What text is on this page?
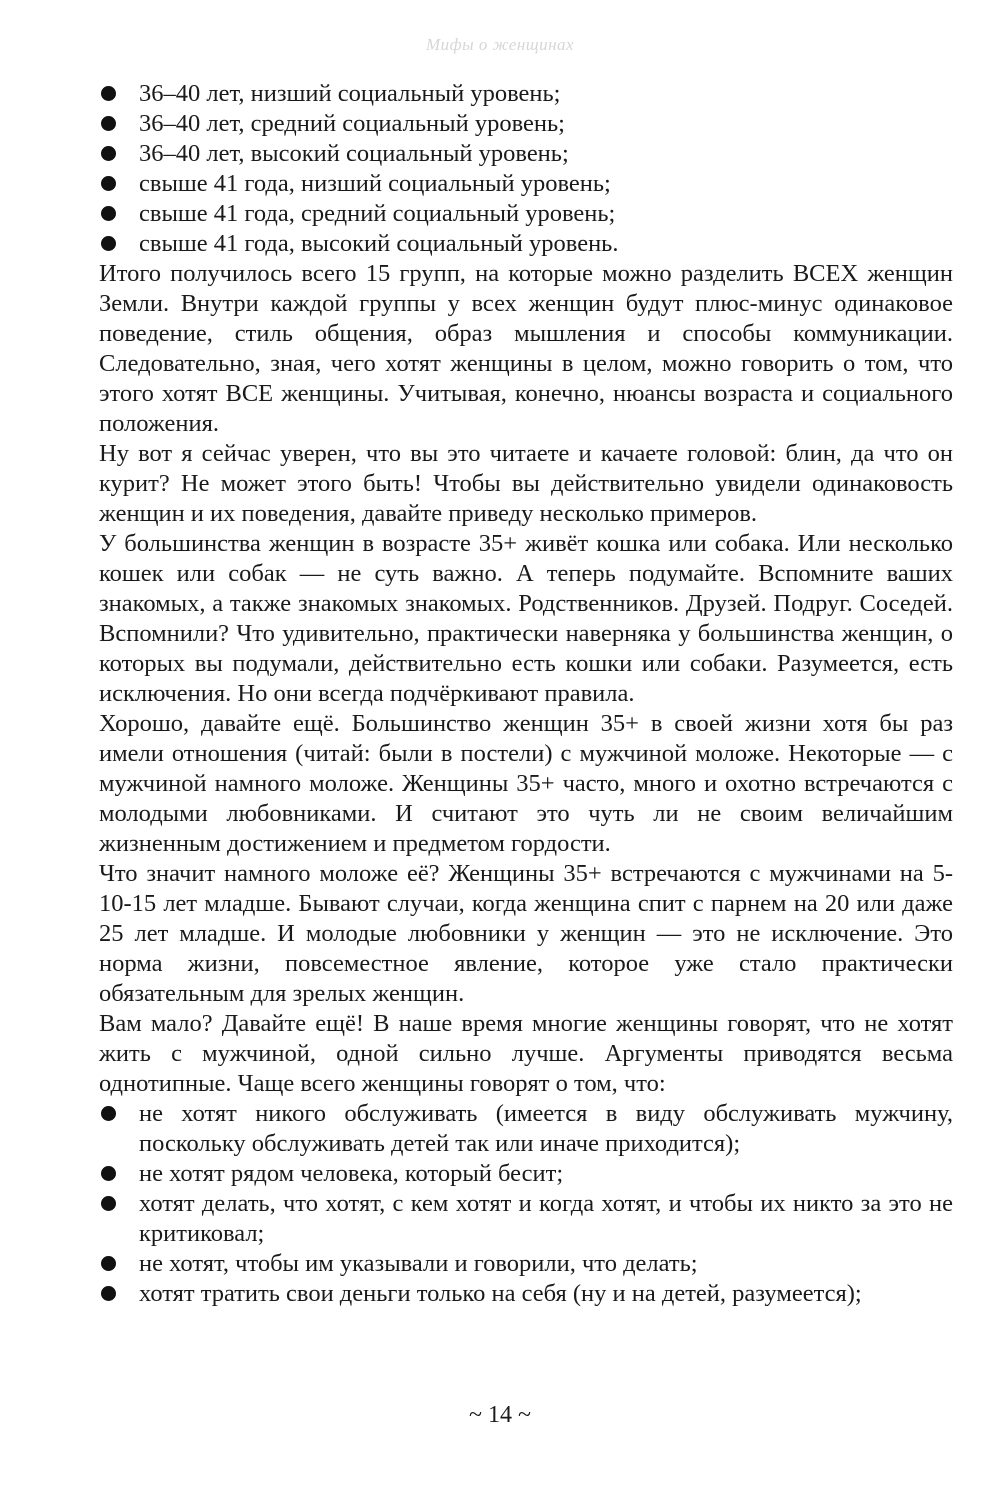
Мифы о женщинах
36–40 лет, низший социальный уровень;
36–40 лет, средний социальный уровень;
36–40 лет, высокий социальный уровень;
свыше 41 года, низший социальный уровень;
свыше 41 года, средний социальный уровень;
свыше 41 года, высокий социальный уровень.

Итого получилось всего 15 групп, на которые можно разделить ВСЕХ женщин Земли. Внутри каждой группы у всех женщин будут плюс-минус одинаковое поведение, стиль общения, образ мышления и способы коммуникации. Следовательно, зная, чего хотят женщины в целом, можно говорить о том, что этого хотят ВСЕ женщины. Учитывая, конечно, нюансы возраста и социального положения.

Ну вот я сейчас уверен, что вы это читаете и качаете головой: блин, да что он курит? Не может этого быть! Чтобы вы действительно увидели одинаковость женщин и их поведения, давайте приведу несколько примеров.

У большинства женщин в возрасте 35+ живёт кошка или собака. Или несколько кошек или собак — не суть важно. А теперь подумайте. Вспомните ваших знакомых, а также знакомых знакомых. Родственников. Друзей. Подруг. Соседей. Вспомнили? Что удивительно, практически наверняка у большинства женщин, о которых вы подумали, действительно есть кошки или собаки. Разумеется, есть исключения. Но они всегда подчёркивают правила.

Хорошо, давайте ещё. Большинство женщин 35+ в своей жизни хотя бы раз имели отношения (читай: были в постели) с мужчиной моложе. Некоторые — с мужчиной намного моложе. Женщины 35+ часто, много и охотно встречаются с молодыми любовниками. И считают это чуть ли не своим величайшим жизненным достижением и предметом гордости.

Что значит намного моложе её? Женщины 35+ встречаются с мужчинами на 5-10-15 лет младше. Бывают случаи, когда женщина спит с парнем на 20 или даже 25 лет младше. И молодые любовники у женщин — это не исключение. Это норма жизни, повсеместное явление, которое уже стало практически обязательным для зрелых женщин.

Вам мало? Давайте ещё! В наше время многие женщины говорят, что не хотят жить с мужчиной, одной сильно лучше. Аргументы приводятся весьма однотипные. Чаще всего женщины говорят о том, что:

не хотят никого обслуживать (имеется в виду обслуживать мужчину, поскольку обслуживать детей так или иначе приходится);
не хотят рядом человека, который бесит;
хотят делать, что хотят, с кем хотят и когда хотят, и чтобы их никто за это не критиковал;
не хотят, чтобы им указывали и говорили, что делать;
хотят тратить свои деньги только на себя (ну и на детей, разумеется);
~ 14 ~
